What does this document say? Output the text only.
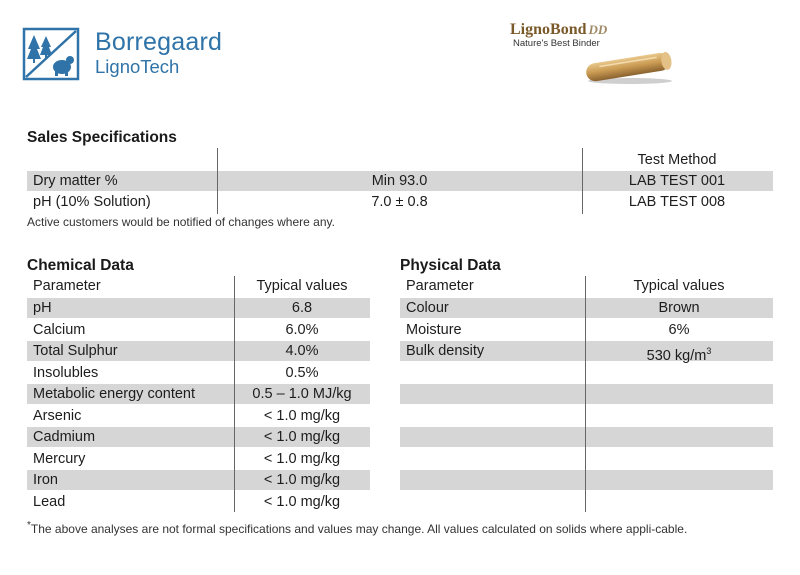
Borregaard
LignoTech
LignoBond DD
Nature's Best Binder
Sales Specifications
Test Method
Dry matter %	Min 93.0	LAB TEST 001
pH (10% Solution)	7.0 ± 0.8	LAB TEST 008
Active customers would be notified of changes where any.
Chemical Data
Parameter	Typical values
pH	6.8
Calcium	6.0%
Total Sulphur	4.0%
Insolubles	0.5%
Metabolic energy content	0.5 – 1.0 MJ/kg
Arsenic	< 1.0 mg/kg
Cadmium	< 1.0 mg/kg
Mercury	< 1.0 mg/kg
Iron	< 1.0 mg/kg
Lead	< 1.0 mg/kg
Physical Data
Parameter	Typical values
Colour	Brown
Moisture	6%
Bulk density	530 $kg/m^3$
*The above analyses are not formal specifications and values may change. All values calculated on solids where appli-cable.
